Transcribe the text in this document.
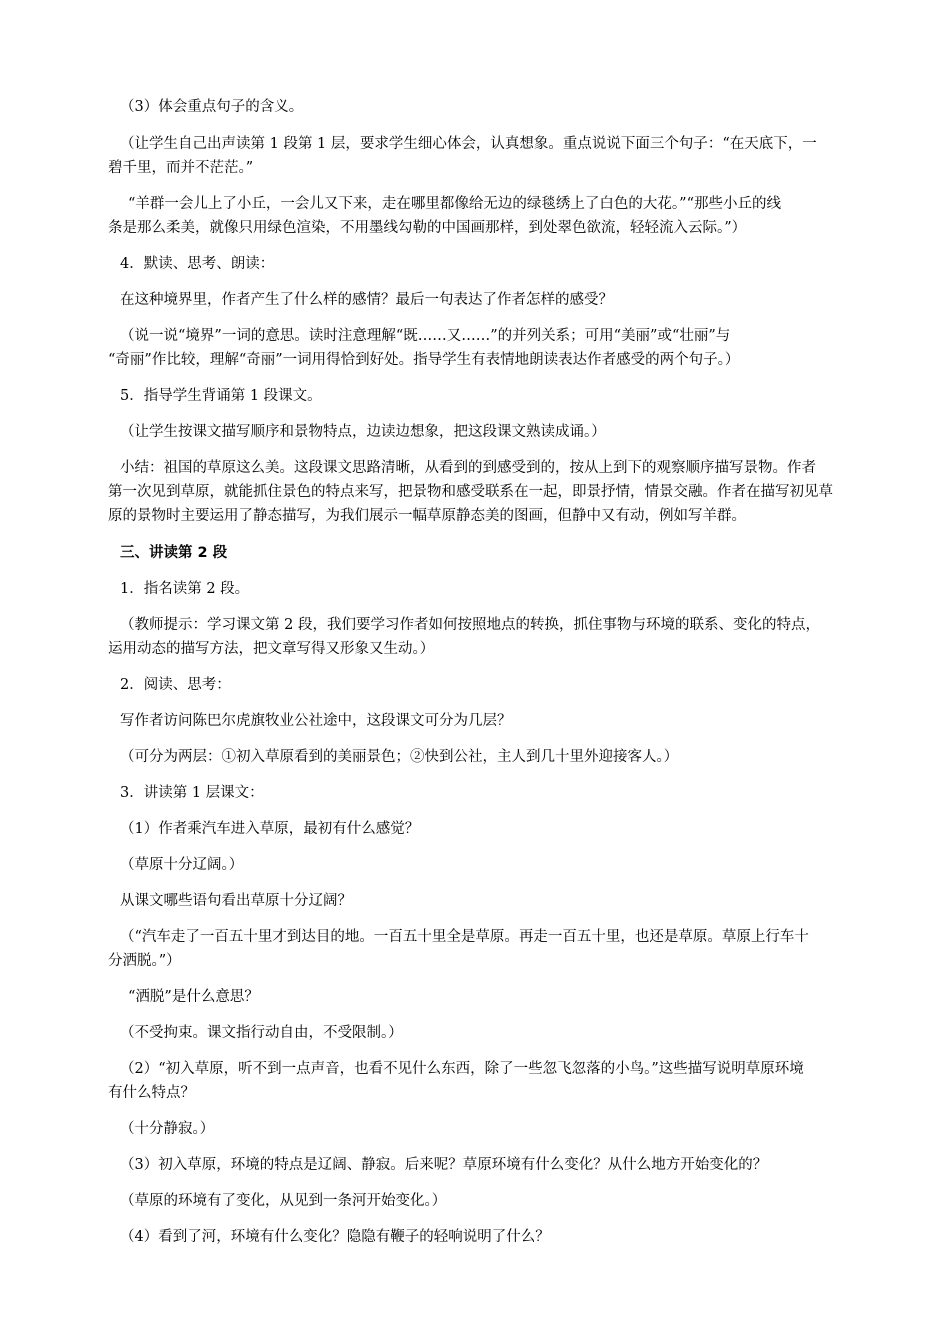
（3）体会重点句子的含义。
（让学生自己出声读第 1 段第 1 层，要求学生细心体会，认真想象。重点说说下面三个句子：“在天底下，一
碧千里，而并不茫茫。”
“羊群一会儿上了小丘，一会儿又下来，走在哪里都像给无边的绿毯绣上了白色的大花。”“那些小丘的线
条是那么柔美，就像只用绿色渲染，不用墨线勾勒的中国画那样，到处翠色欲流，轻轻流入云际。”）
4．默读、思考、朗读：
在这种境界里，作者产生了什么样的感情？最后一句表达了作者怎样的感受？
（说一说“境界”一词的意思。读时注意理解“既……又……”的并列关系；可用“美丽”或“壮丽”与
“奇丽”作比较，理解“奇丽”一词用得恰到好处。指导学生有表情地朗读表达作者感受的两个句子。）
5．指导学生背诵第 1 段课文。
（让学生按课文描写顺序和景物特点，边读边想象，把这段课文熟读成诵。）
小结：祖国的草原这么美。这段课文思路清晰，从看到的到感受到的，按从上到下的观察顺序描写景物。作者
第一次见到草原，就能抓住景色的特点来写，把景物和感受联系在一起，即景抒情，情景交融。作者在描写初见草
原的景物时主要运用了静态描写，为我们展示一幅草原静态美的图画，但静中又有动，例如写羊群。
三、讲读第 2 段
1．指名读第 2 段。
（教师提示：学习课文第 2 段，我们要学习作者如何按照地点的转换，抓住事物与环境的联系、变化的特点，
运用动态的描写方法，把文章写得又形象又生动。）
2．阅读、思考：
写作者访问陈巴尔虎旗牧业公社途中，这段课文可分为几层？
（可分为两层：①初入草原看到的美丽景色；②快到公社，主人到几十里外迎接客人。）
3．讲读第 1 层课文：
（1）作者乘汽车进入草原，最初有什么感觉？
（草原十分辽阔。）
从课文哪些语句看出草原十分辽阔？
（“汽车走了一百五十里才到达目的地。一百五十里全是草原。再走一百五十里，也还是草原。草原上行车十
分洒脱。”）
“洒脱”是什么意思？
（不受拘束。课文指行动自由，不受限制。）
（2）“初入草原，听不到一点声音，也看不见什么东西，除了一些忽飞忽落的小鸟。”这些描写说明草原环境
有什么特点？
（十分静寂。）
（3）初入草原，环境的特点是辽阔、静寂。后来呢？草原环境有什么变化？从什么地方开始变化的？
（草原的环境有了变化，从见到一条河开始变化。）
（4）看到了河，环境有什么变化？隐隐有鞭子的轻响说明了什么？
